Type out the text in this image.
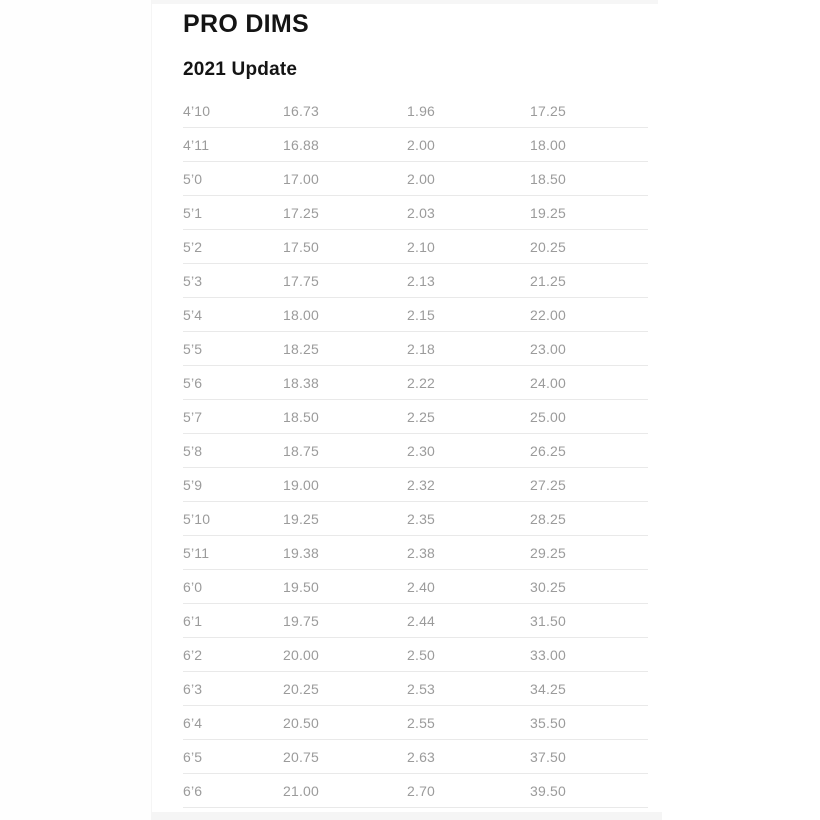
PRO DIMS
2021 Update
4’10	16.73	1.96	17.25
4’11	16.88	2.00	18.00
5’0	17.00	2.00	18.50
5’1	17.25	2.03	19.25
5’2	17.50	2.10	20.25
5’3	17.75	2.13	21.25
5’4	18.00	2.15	22.00
5’5	18.25	2.18	23.00
5’6	18.38	2.22	24.00
5’7	18.50	2.25	25.00
5’8	18.75	2.30	26.25
5’9	19.00	2.32	27.25
5’10	19.25	2.35	28.25
5’11	19.38	2.38	29.25
6’0	19.50	2.40	30.25
6’1	19.75	2.44	31.50
6’2	20.00	2.50	33.00
6’3	20.25	2.53	34.25
6’4	20.50	2.55	35.50
6’5	20.75	2.63	37.50
6’6	21.00	2.70	39.50
